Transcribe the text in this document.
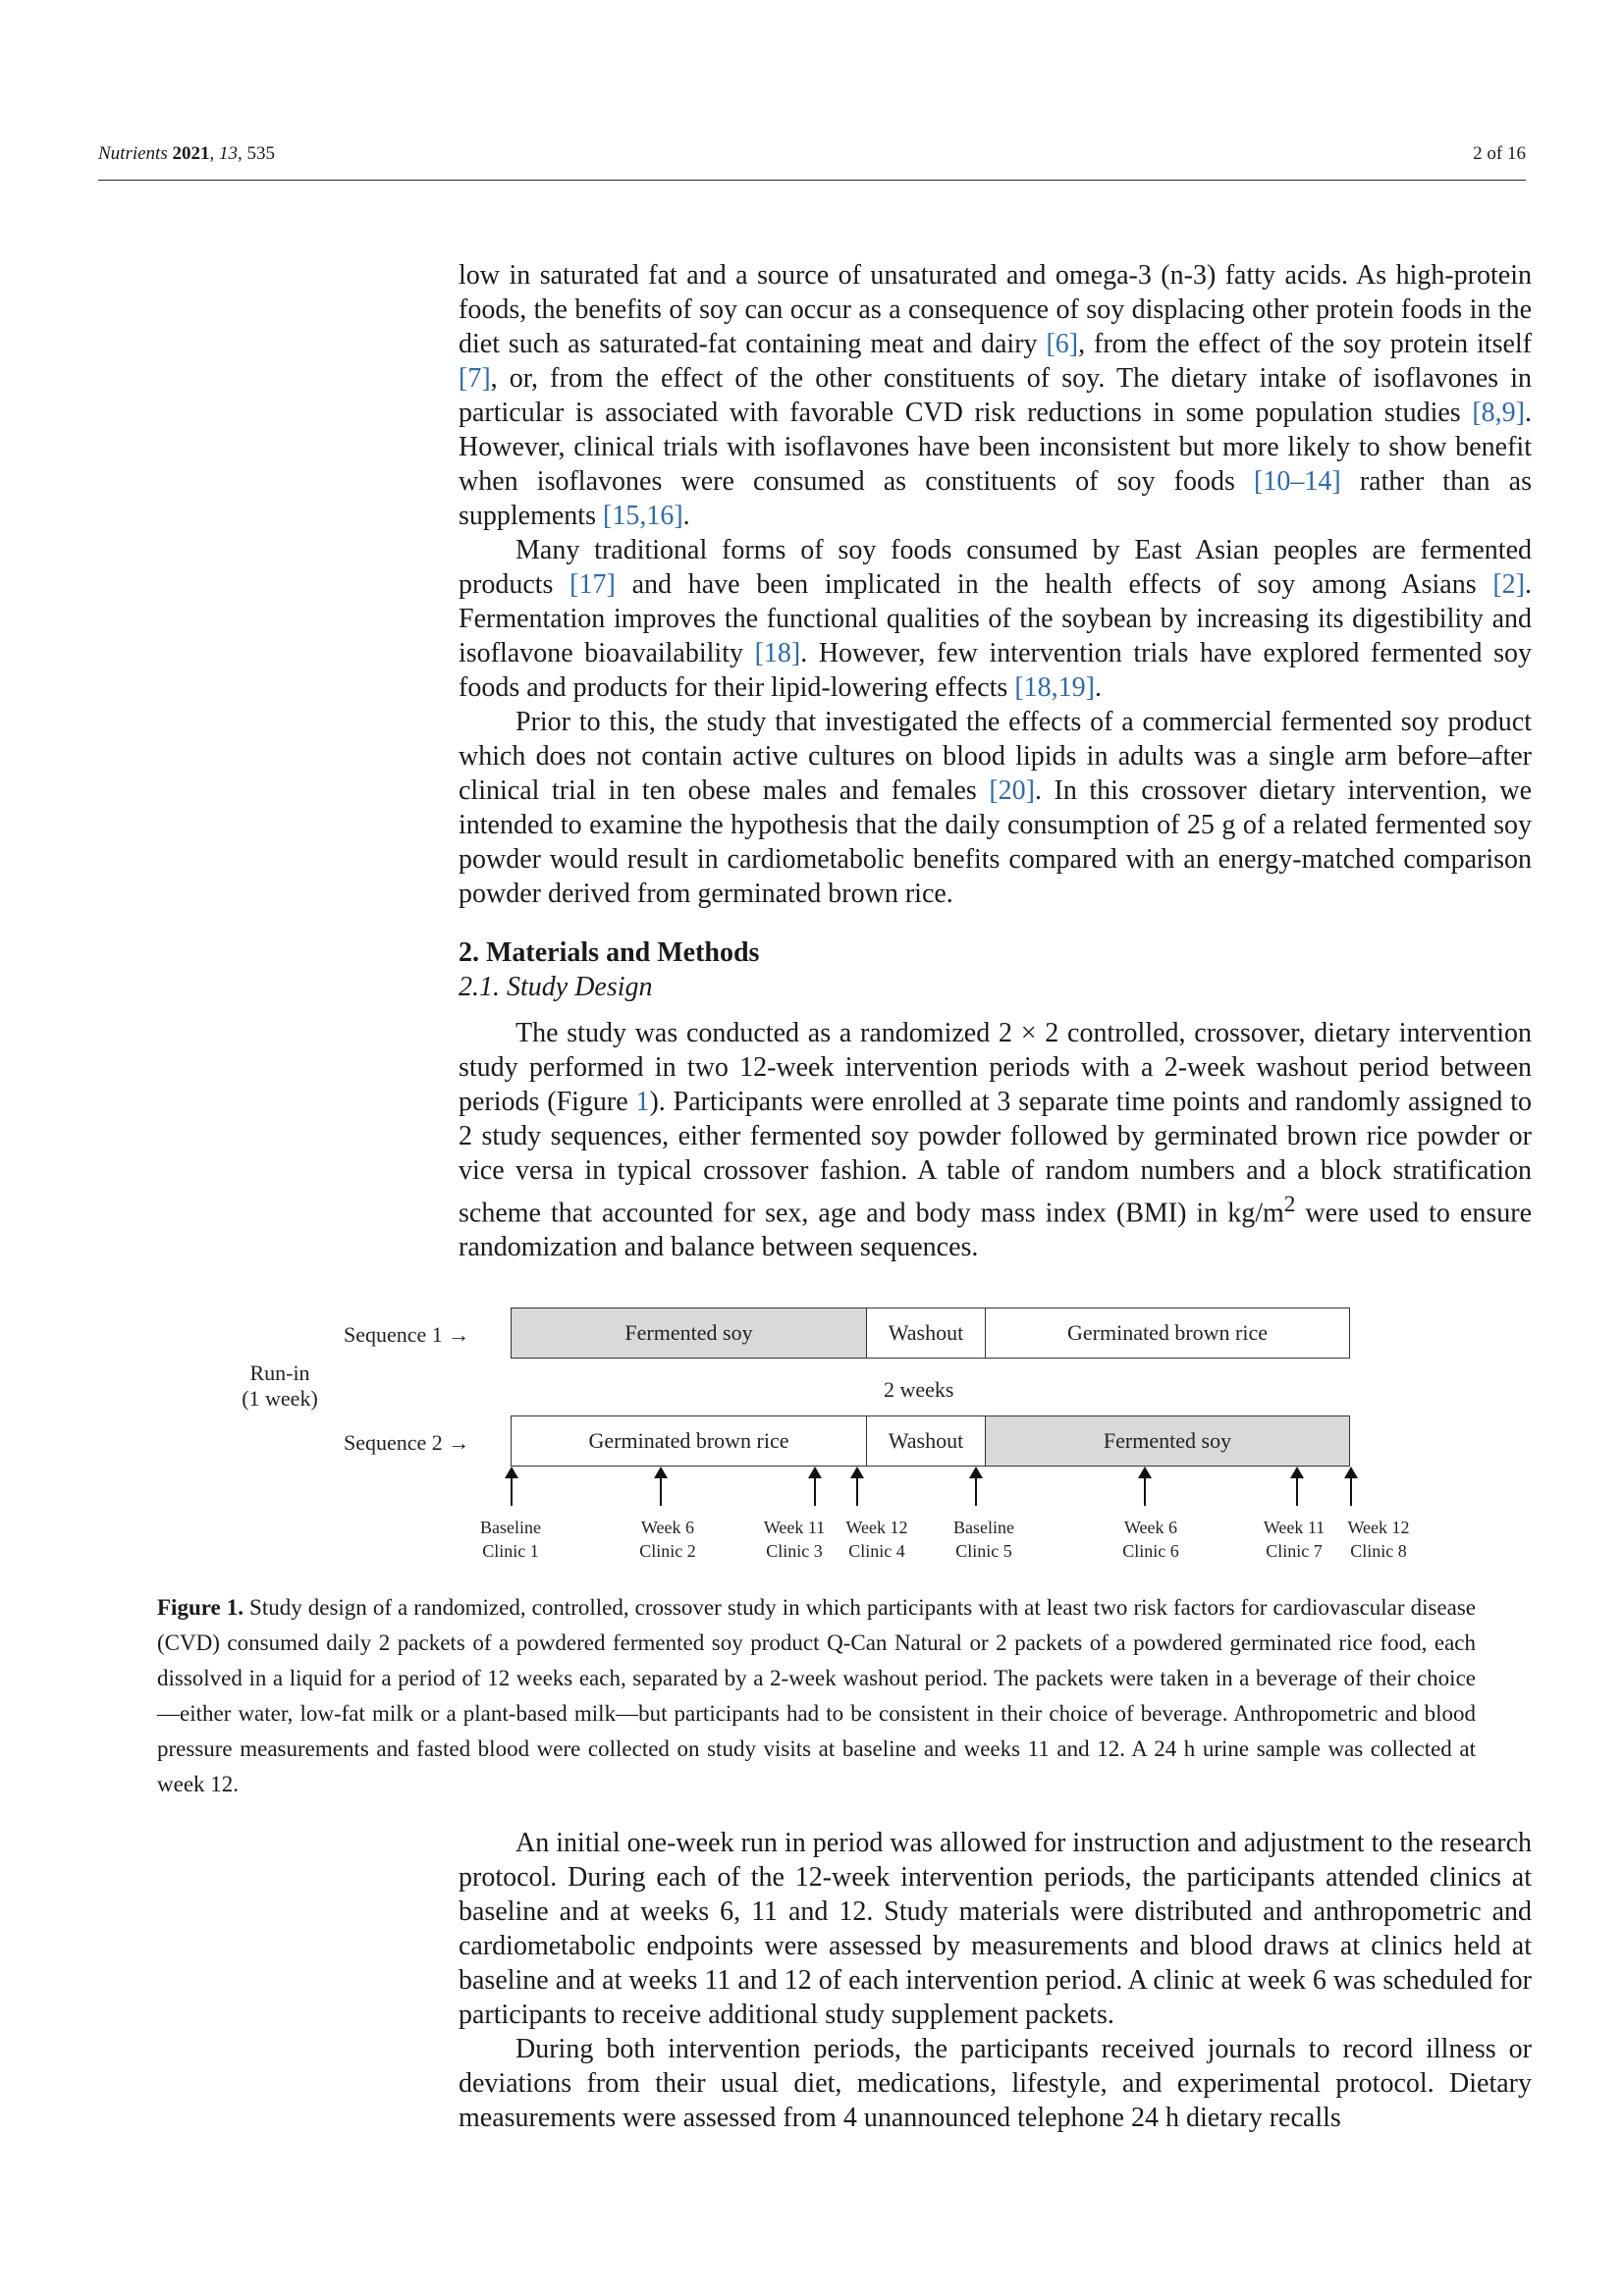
Nutrients 2021, 13, 535	2 of 16

low in saturated fat and a source of unsaturated and omega-3 (n-3) fatty acids. As high-protein foods, the benefits of soy can occur as a consequence of soy displacing other protein foods in the diet such as saturated-fat containing meat and dairy [6], from the effect of the soy protein itself [7], or, from the effect of the other constituents of soy. The dietary intake of isoflavones in particular is associated with favorable CVD risk reductions in some population studies [8,9]. However, clinical trials with isoflavones have been inconsistent but more likely to show benefit when isoflavones were consumed as constituents of soy foods [10–14] rather than as supplements [15,16].

Many traditional forms of soy foods consumed by East Asian peoples are fermented products [17] and have been implicated in the health effects of soy among Asians [2]. Fermentation improves the functional qualities of the soybean by increasing its digestibility and isoflavone bioavailability [18]. However, few intervention trials have explored fermented soy foods and products for their lipid-lowering effects [18,19].

Prior to this, the study that investigated the effects of a commercial fermented soy product which does not contain active cultures on blood lipids in adults was a single arm before–after clinical trial in ten obese males and females [20]. In this crossover dietary intervention, we intended to examine the hypothesis that the daily consumption of 25 g of a related fermented soy powder would result in cardiometabolic benefits compared with an energy-matched comparison powder derived from germinated brown rice.

2. Materials and Methods
2.1. Study Design

The study was conducted as a randomized 2 × 2 controlled, crossover, dietary intervention study performed in two 12-week intervention periods with a 2-week washout period between periods (Figure 1). Participants were enrolled at 3 separate time points and randomly assigned to 2 study sequences, either fermented soy powder followed by germinated brown rice powder or vice versa in typical crossover fashion. A table of random numbers and a block stratification scheme that accounted for sex, age and body mass index (BMI) in $kg/m^2$ were used to ensure randomization and balance between sequences.

Sequence 1 →
Sequence 2 →
Run-in
(1 week)
Fermented soy	Washout	Germinated brown rice
2 weeks
Germinated brown rice	Washout	Fermented soy
Baseline
Clinic 1
Week 6
Clinic 2
Week 11
Clinic 3
Week 12
Clinic 4
Baseline
Clinic 5
Week 6
Clinic 6
Week 11
Clinic 7
Week 12
Clinic 8
Figure 1. Study design of a randomized, controlled, crossover study in which participants with at least two risk factors for cardiovascular disease (CVD) consumed daily 2 packets of a powdered fermented soy product Q-Can Natural or 2 packets of a powdered germinated rice food, each dissolved in a liquid for a period of 12 weeks each, separated by a 2-week washout period. The packets were taken in a beverage of their choice—either water, low-fat milk or a plant-based milk—but participants had to be consistent in their choice of beverage. Anthropometric and blood pressure measurements and fasted blood were collected on study visits at baseline and weeks 11 and 12. A 24 h urine sample was collected at week 12.

An initial one-week run in period was allowed for instruction and adjustment to the research protocol. During each of the 12-week intervention periods, the participants attended clinics at baseline and at weeks 6, 11 and 12. Study materials were distributed and anthropometric and cardiometabolic endpoints were assessed by measurements and blood draws at clinics held at baseline and at weeks 11 and 12 of each intervention period. A clinic at week 6 was scheduled for participants to receive additional study supplement packets.

During both intervention periods, the participants received journals to record illness or deviations from their usual diet, medications, lifestyle, and experimental protocol. Dietary measurements were assessed from 4 unannounced telephone 24 h dietary recalls
